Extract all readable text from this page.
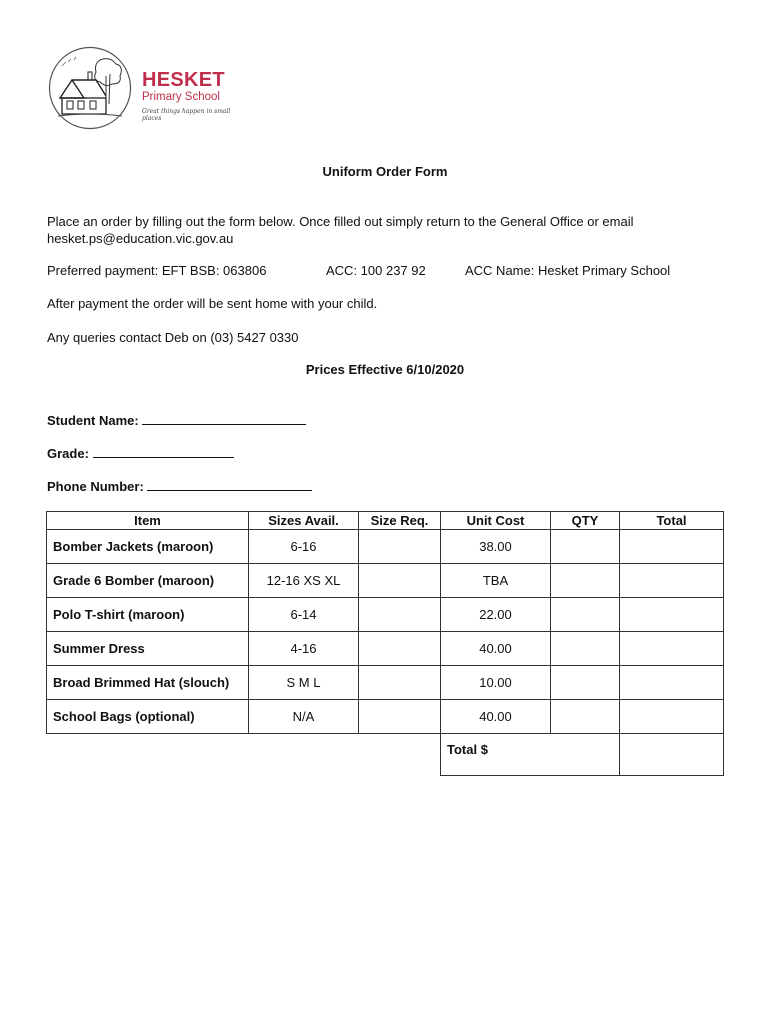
HESKET
Primary School
Great things happen in small places
Uniform Order Form
Place an order by filling out the form below. Once filled out simply return to the General Office or email hesket.ps@education.vic.gov.au
Preferred payment: EFT BSB: 063806	ACC: 100 237 92	ACC Name: Hesket Primary School
After payment the order will be sent home with your child.
Any queries contact Deb on (03) 5427 0330
Prices Effective 6/10/2020
Student Name:
Grade:
Phone Number:
Item	Sizes Avail.	Size Req.	Unit Cost	QTY	Total
Bomber Jackets (maroon)	6-16		38.00		
Grade 6 Bomber (maroon)	12-16 XS XL		TBA		
Polo T-shirt (maroon)	6-14		22.00		
Summer Dress	4-16		40.00		
Broad Brimmed Hat (slouch)	S M L		10.00		
School Bags (optional)	N/A		40.00		
			Total $		
